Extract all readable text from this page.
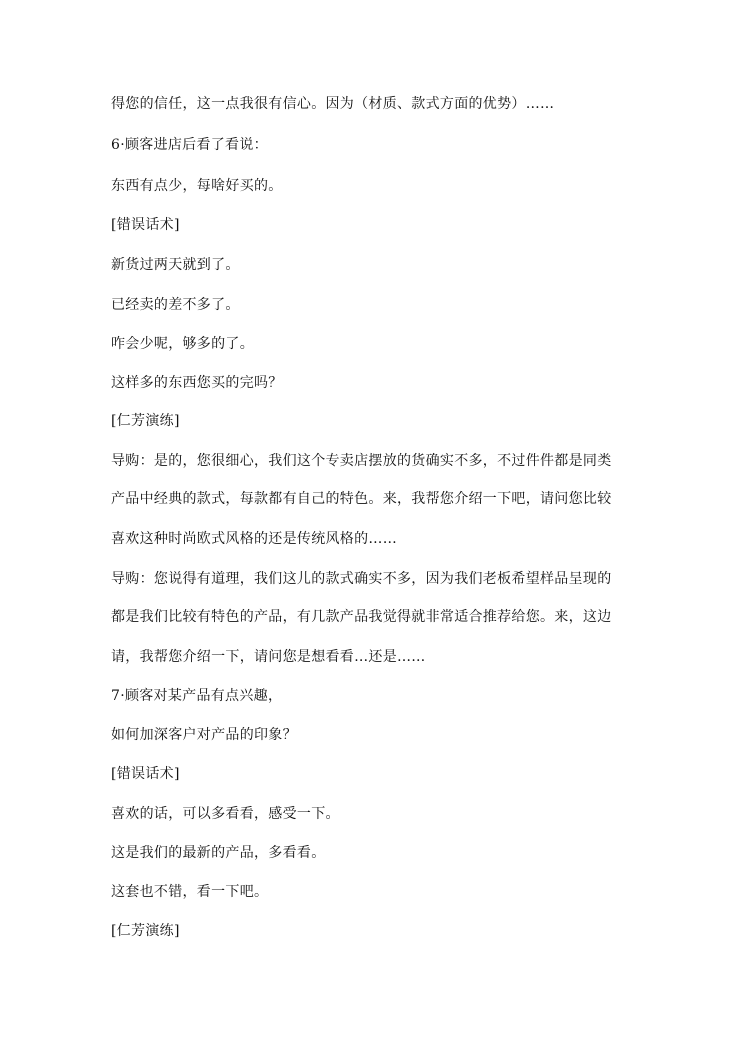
得您的信任，这一点我很有信心。因为（材质、款式方面的优势）……
6·顾客进店后看了看说：
东西有点少，每啥好买的。
[错误话术]
新货过两天就到了。
已经卖的差不多了。
咋会少呢，够多的了。
这样多的东西您买的完吗？
[仁芳演练]
导购：是的，您很细心，我们这个专卖店摆放的货确实不多，不过件件都是同类
产品中经典的款式，每款都有自己的特色。来，我帮您介绍一下吧，请问您比较
喜欢这种时尚欧式风格的还是传统风格的……
导购：您说得有道理，我们这儿的款式确实不多，因为我们老板希望样品呈现的
都是我们比较有特色的产品，有几款产品我觉得就非常适合推荐给您。来，这边
请，我帮您介绍一下，请问您是想看看…还是……
7·顾客对某产品有点兴趣，
如何加深客户对产品的印象？
[错误话术]
喜欢的话，可以多看看，感受一下。
这是我们的最新的产品，多看看。
这套也不错，看一下吧。
[仁芳演练]
